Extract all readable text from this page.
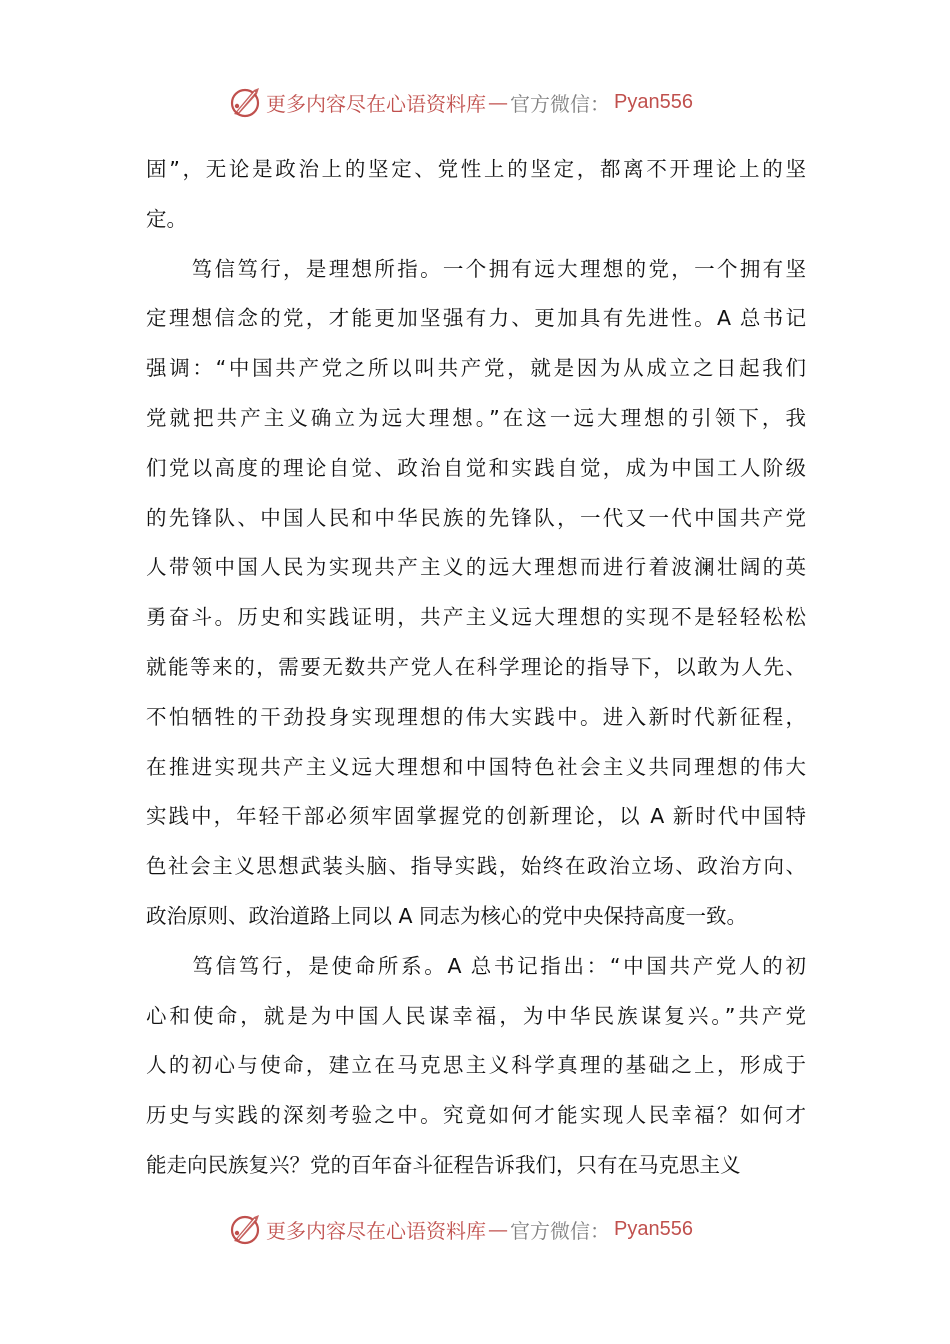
更多内容尽在心语资料库 — 官方微信： Pyan556
固”，无论是政治上的坚定、党性上的坚定，都离不开理论上的坚
定。
　　笃信笃行，是理想所指。一个拥有远大理想的党，一个拥有坚
定理想信念的党，才能更加坚强有力、更加具有先进性。A 总书记
强调：“中国共产党之所以叫共产党，就是因为从成立之日起我们
党就把共产主义确立为远大理想。”在这一远大理想的引领下，我
们党以高度的理论自觉、政治自觉和实践自觉，成为中国工人阶级
的先锋队、中国人民和中华民族的先锋队，一代又一代中国共产党
人带领中国人民为实现共产主义的远大理想而进行着波澜壮阔的英
勇奋斗。历史和实践证明，共产主义远大理想的实现不是轻轻松松
就能等来的，需要无数共产党人在科学理论的指导下，以敢为人先、
不怕牺牲的干劲投身实现理想的伟大实践中。进入新时代新征程，
在推进实现共产主义远大理想和中国特色社会主义共同理想的伟大
实践中，年轻干部必须牢固掌握党的创新理论，以 A 新时代中国特
色社会主义思想武装头脑、指导实践，始终在政治立场、政治方向、
政治原则、政治道路上同以 A 同志为核心的党中央保持高度一致。
　　笃信笃行，是使命所系。A 总书记指出：“中国共产党人的初
心和使命，就是为中国人民谋幸福，为中华民族谋复兴。”共产党
人的初心与使命，建立在马克思主义科学真理的基础之上，形成于
历史与实践的深刻考验之中。究竟如何才能实现人民幸福？如何才
能走向民族复兴？党的百年奋斗征程告诉我们，只有在马克思主义
更多内容尽在心语资料库 — 官方微信： Pyan556
